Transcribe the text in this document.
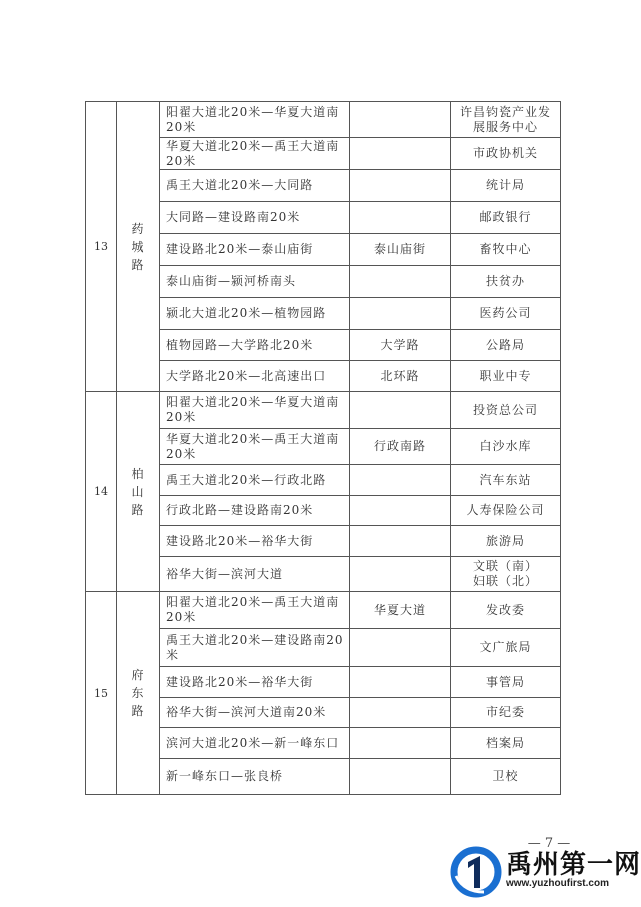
13	药城路	阳翟大道北20米—华夏大道南20米		许昌钧瓷产业发展服务中心
		华夏大道北20米—禹王大道南20米		市政协机关
		禹王大道北20米—大同路		统计局
		大同路—建设路南20米		邮政银行
		建设路北20米—泰山庙街	泰山庙街	畜牧中心
		泰山庙街—颍河桥南头		扶贫办
		颍北大道北20米—植物园路		医药公司
		植物园路—大学路北20米	大学路	公路局
		大学路北20米—北高速出口	北环路	职业中专
14	柏山路	阳翟大道北20米—华夏大道南20米		投资总公司
		华夏大道北20米—禹王大道南20米	行政南路	白沙水库
		禹王大道北20米—行政北路		汽车东站
		行政北路—建设路南20米		人寿保险公司
		建设路北20米—裕华大街		旅游局
		裕华大街—滨河大道		文联（南）
妇联（北）
15	府东路	阳翟大道北20米—禹王大道南20米	华夏大道	发改委
		禹王大道北20米—建设路南20米		文广旅局
		建设路北20米—裕华大街		事管局
		裕华大街—滨河大道南20米		市纪委
		滨河大道北20米—新一峰东口		档案局
		新一峰东口—张良桥		卫校
— 7 —
禹州第一网
www.yuzhoufirst.com
